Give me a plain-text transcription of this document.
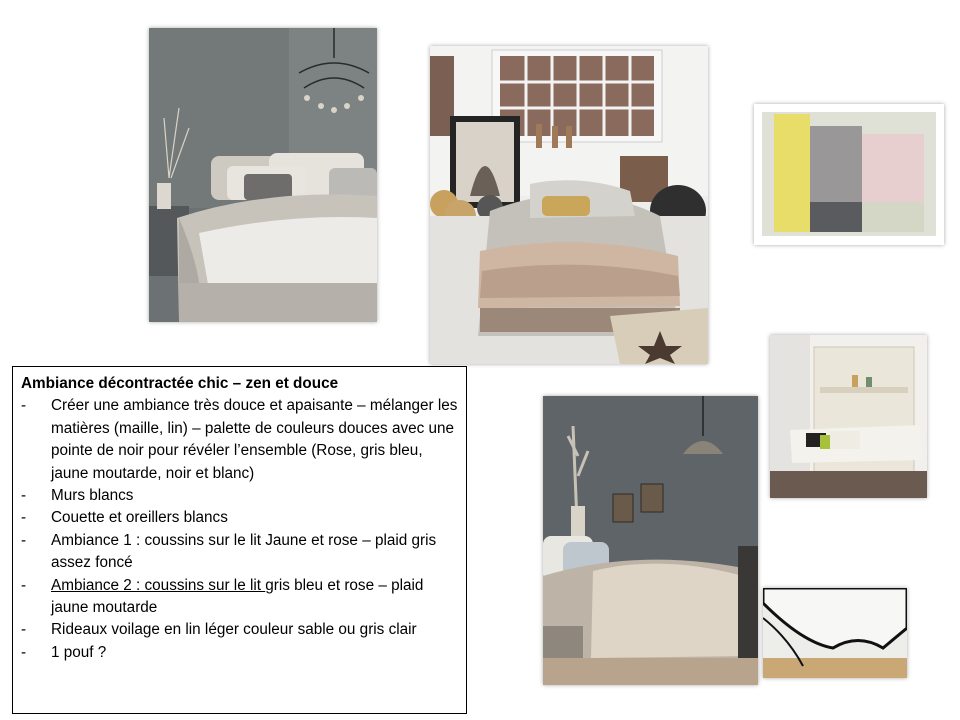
Ambiance décontractée chic – zen et douce
- Créer une ambiance très douce et apaisante – mélanger les matières (maille, lin) – palette de couleurs douces avec une pointe de noir pour révéler l’ensemble (Rose, gris bleu, jaune moutarde, noir et blanc)
- Murs blancs
- Couette et oreillers blancs
- Ambiance 1 : coussins sur le lit Jaune et rose – plaid gris assez foncé
- Ambiance 2 : coussins sur le lit gris bleu et rose – plaid jaune moutarde
- Rideaux voilage en lin léger couleur sable ou gris clair
- 1 pouf ?
